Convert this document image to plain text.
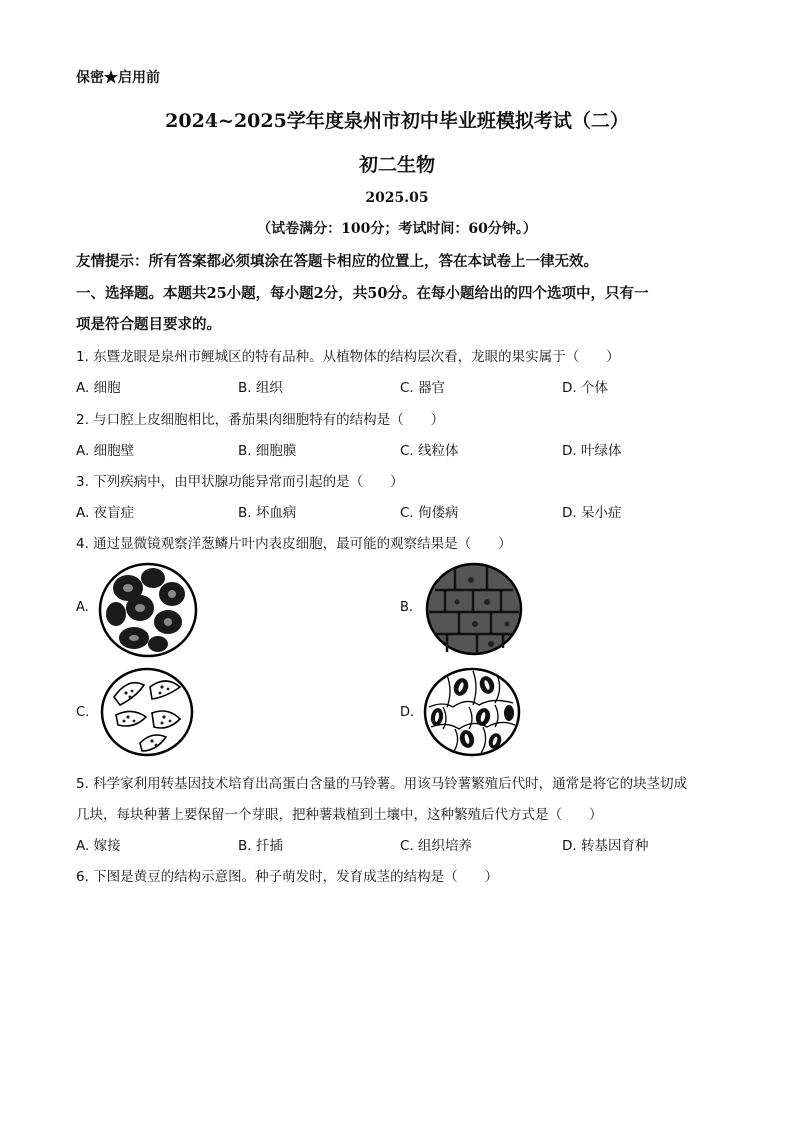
保密★启用前
2024~2025学年度泉州市初中毕业班模拟考试（二）
初二生物
2025.05
（试卷满分：100分；考试时间：60分钟。）
友情提示：所有答案都必须填涂在答题卡相应的位置上，答在本试卷上一律无效。
一、选择题。本题共25小题，每小题2分，共50分。在每小题给出的四个选项中，只有一
项是符合题目要求的。
1. 东暨龙眼是泉州市鲤城区的特有品种。从植物体的结构层次看，龙眼的果实属于（　　）
A. 细胞	B. 组织	C. 器官	D. 个体
2. 与口腔上皮细胞相比，番茄果肉细胞特有的结构是（　　）
A. 细胞壁	B. 细胞膜	C. 线粒体	D. 叶绿体
3. 下列疾病中，由甲状腺功能异常而引起的是（　　）
A. 夜盲症	B. 坏血病	C. 佝偻病	D. 呆小症
4. 通过显微镜观察洋葱鳞片叶内表皮细胞，最可能的观察结果是（　　）
A.	B.
C.	D.
5. 科学家利用转基因技术培育出高蛋白含量的马铃薯。用该马铃薯繁殖后代时，通常是将它的块茎切成
几块，每块种薯上要保留一个芽眼，把种薯栽植到土壤中，这种繁殖后代方式是（　　）
A. 嫁接	B. 扦插	C. 组织培养	D. 转基因育种
6. 下图是黄豆的结构示意图。种子萌发时，发育成茎的结构是（　　）
